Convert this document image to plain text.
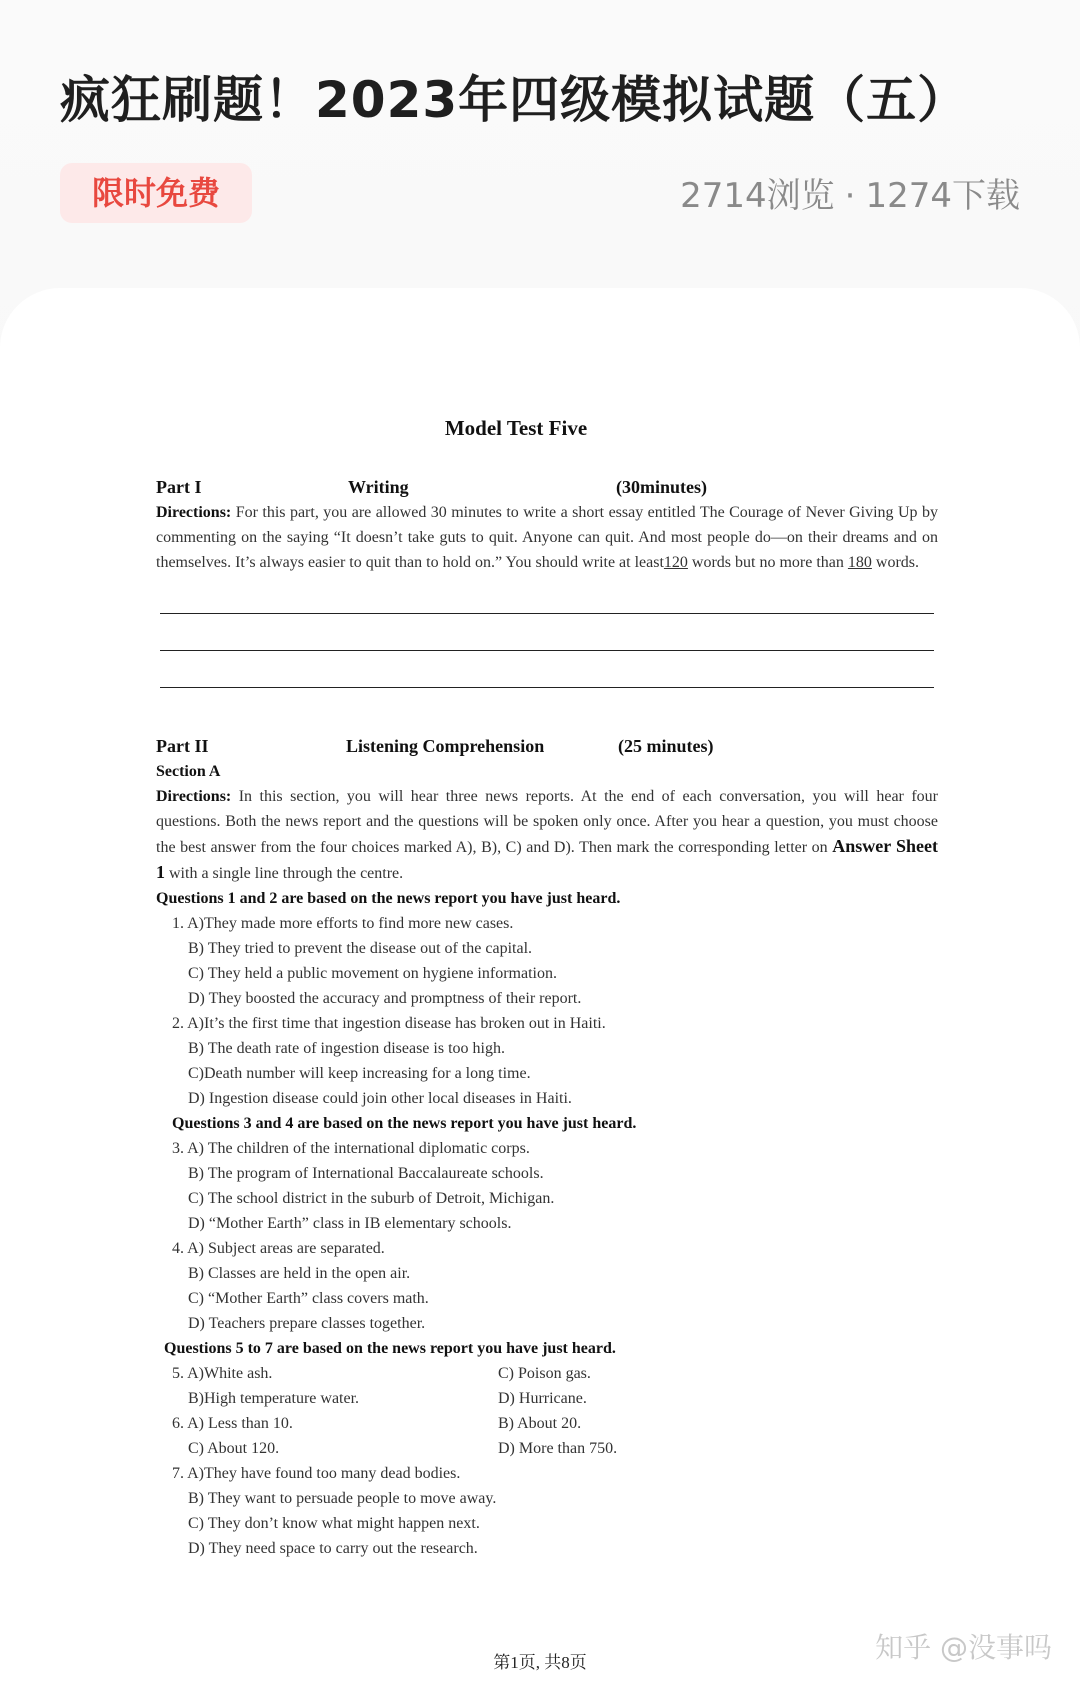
疯狂刷题！2023年四级模拟试题（五）
限时免费	2714浏览 · 1274下载
Model Test Five
Part I	Writing	(30minutes)
Directions: For this part, you are allowed 30 minutes to write a short essay entitled The Courage of Never Giving Up by commenting on the saying “It doesn’t take guts to quit. Anyone can quit. And most people do—on their dreams and on themselves. It’s always easier to quit than to hold on.” You should write at least120 words but no more than 180 words.
Part II	Listening Comprehension	(25 minutes)
Section A
Directions: In this section, you will hear three news reports. At the end of each conversation, you will hear four questions. Both the news report and the questions will be spoken only once. After you hear a question, you must choose the best answer from the four choices marked A), B), C) and D). Then mark the corresponding letter on Answer Sheet 1 with a single line through the centre.
Questions 1 and 2 are based on the news report you have just heard.
1. A)They made more efforts to find more new cases.
B) They tried to prevent the disease out of the capital.
C) They held a public movement on hygiene information.
D) They boosted the accuracy and promptness of their report.
2. A)It’s the first time that ingestion disease has broken out in Haiti.
B) The death rate of ingestion disease is too high.
C)Death number will keep increasing for a long time.
D) Ingestion disease could join other local diseases in Haiti.
Questions 3 and 4 are based on the news report you have just heard.
3. A) The children of the international diplomatic corps.
B) The program of International Baccalaureate schools.
C) The school district in the suburb of Detroit, Michigan.
D) “Mother Earth” class in IB elementary schools.
4. A) Subject areas are separated.
B) Classes are held in the open air.
C) “Mother Earth” class covers math.
D) Teachers prepare classes together.
Questions 5 to 7 are based on the news report you have just heard.
5. A)White ash.	C) Poison gas.
B)High temperature water.	D) Hurricane.
6. A) Less than 10.	B) About 20.
C) About 120.	D) More than 750.
7. A)They have found too many dead bodies.
B) They want to persuade people to move away.
C) They don’t know what might happen next.
D) They need space to carry out the research.
第1页, 共8页	知乎 @没事吗
